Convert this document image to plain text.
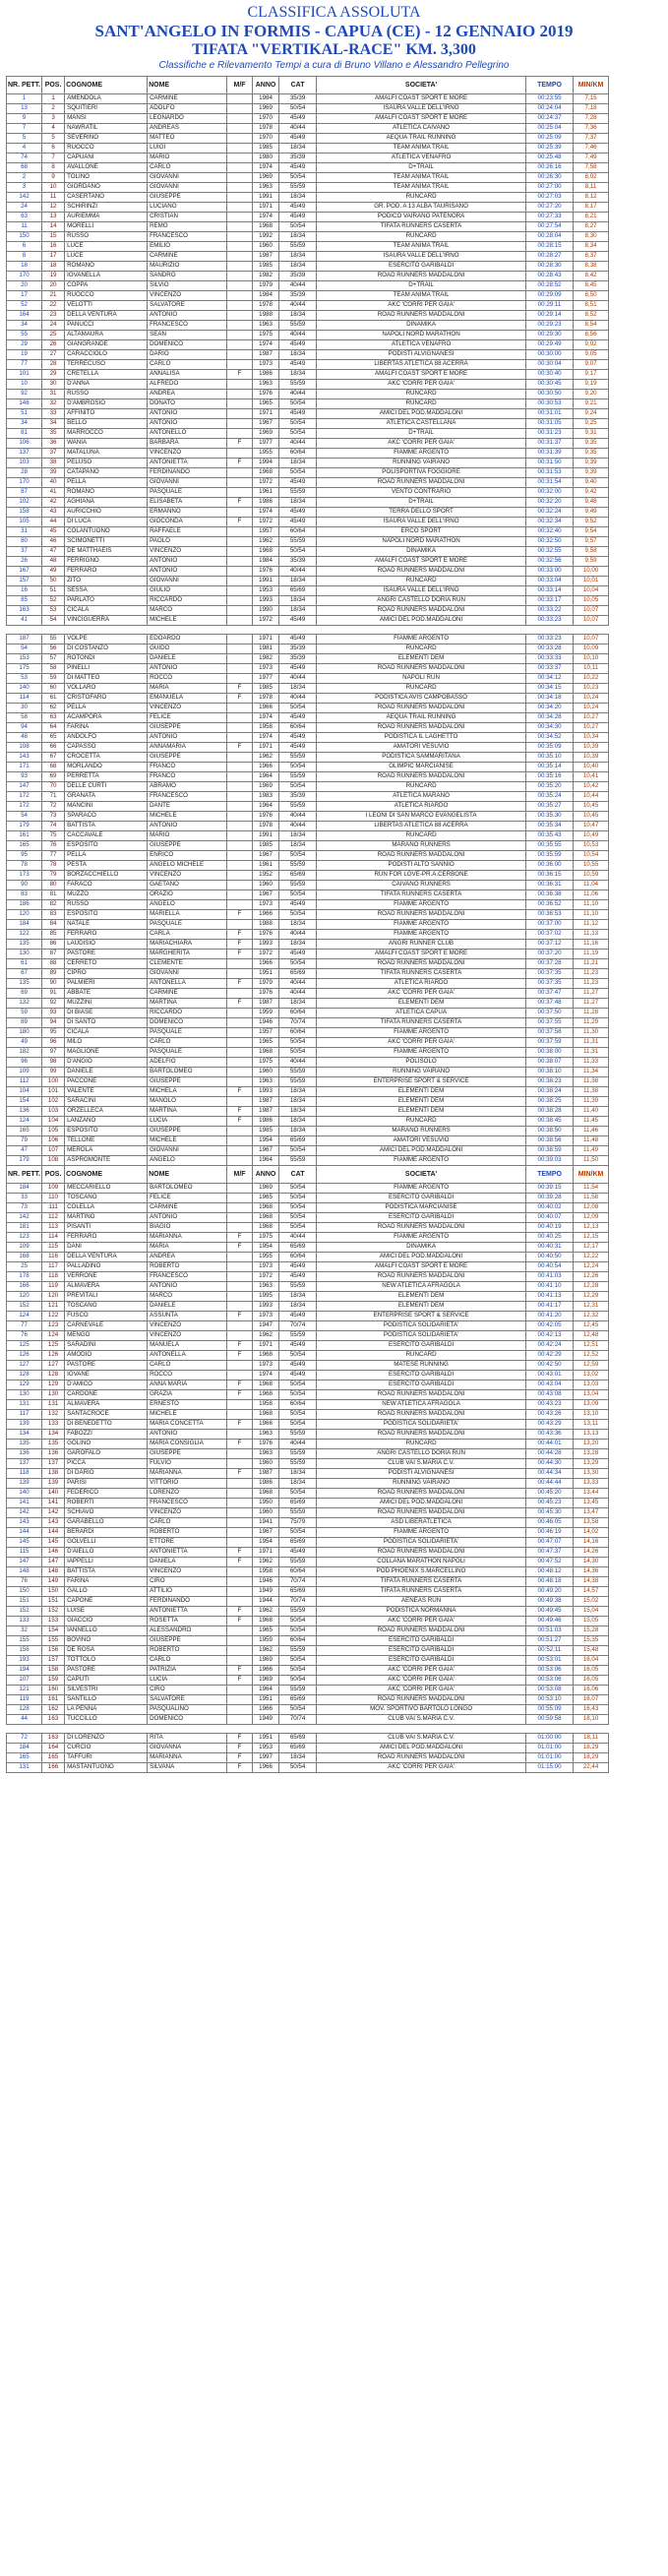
CLASSIFICA ASSOLUTA
SANT'ANGELO IN FORMIS - CAPUA (CE) - 12 GENNAIO 2019
TIFATA "VERTIKAL-RACE" KM. 3,300
Classifiche e Rilevamento Tempi a cura di Bruno Villano e Alessandro Pellegrino
NR. PETT.	POS.	COGNOME	NOME	M/F	ANNO	CAT	SOCIETA'	TEMPO	MIN/KM
1	1	AMENDOLA	CARMINE		1984	35/39	AMALFI COAST SPORT E MORE	00:23:55	7,15
13	2	SQUITIERI	ADOLFO		1969	50/54	ISAURA VALLE DELL'IRNO	00:24:04	7,18
9	3	MANSI	LEONARDO		1970	45/49	AMALFI COAST SPORT E MORE	00:24:37	7,28
7	4	NAWRATIL	ANDREAS		1978	40/44	ATLETICA CAIVANO	00:25:04	7,36
5	5	SEVERINO	MATTEO		1970	45/49	AEQUA TRAIL RUNNING	00:25:09	7,37
4	6	RUOCCO	LUIGI		1985	18/34	TEAM ANIMA TRAIL	00:25:39	7,46
74	7	CAPUANI	MARIO		1980	35/39	ATLETICA VENAFRO	00:25:48	7,49
68	8	AVALLONE	CARLO		1974	45/49	D+TRAIL	00:26:16	7,58
2	9	TOLINO	GIOVANNI		1969	50/54	TEAM ANIMA TRAIL	00:26:30	8,02
3	10	GIORDANO	GIOVANNI		1963	55/59	TEAM ANIMA TRAIL	00:27:00	8,11
142	11	CASERTANO	GIUSEPPE		1991	18/34	RUNCARD	00:27:03	8,12
24	12	SCHIRINZI	LUCIANO		1971	45/49	GR. POD. A 13 ALBA TAURISANO	00:27:20	8,17
63	13	AURIEMMA	CRISTIAN		1974	45/49	PODICO VAIRANO PATENORA	00:27:33	8,21
11	14	MORELLI	REMO		1968	50/54	TIFATA RUNNERS CASERTA	00:27:54	8,27
150	15	RUSSO	FRANCESCO		1992	18/34	RUNCARD	00:28:04	8,30
6	16	LUCE	EMILIO		1960	55/59	TEAM ANIMA TRAIL	00:28:15	8,34
8	17	LUCE	CARMINE		1987	18/34	ISAURA VALLE DELL'IRNO	00:28:27	8,37
18	18	ROMANO	MAURIZIO		1985	18/34	ESERCITO GARIBALDI	00:28:30	8,38
170	19	IOVANELLA	SANDRO		1982	35/39	ROAD RUNNERS MADDALONI	00:28:43	8,42
20	20	COPPA	SILVIO		1979	40/44	D+TRAIL	00:28:52	8,45
17	21	RUOCCO	VINCENZO		1984	35/39	TEAM ANIMA TRAIL	00:29:09	8,50
52	22	VELOTTI	SALVATORE		1978	40/44	AKC 'CORRI PER GAIA'	00:29:11	8,51
164	23	DELLA VENTURA	ANTONIO		1988	18/34	ROAD RUNNERS MADDALONI	00:29:14	8,52
34	24	PANUCCI	FRANCESCO		1963	55/59	DINAMIKA	00:29:23	8,54
55	25	ALTAMAURA	SEAN		1975	40/44	NAPOLI NORD MARATHON	00:29:30	8,56
29	26	GIANGRANDE	DOMENICO		1974	45/49	ATLETICA VENAFRO	00:29:49	9,02
19	27	CARACCIOLO	DARIO		1987	18/34	PODISTI ALVIGNANESI	00:30:00	9,05
77	28	TERRECUSO	CARLO		1973	45/49	LIBERTAS ATLETICA 88 ACERRA	00:30:04	9,07
101	29	CRETELLA	ANNALISA	F	1986	18/34	AMALFI COAST SPORT E MORE	00:30:40	9,17
10	30	D'ANNA	ALFREDO		1963	55/59	AKC 'CORRI PER GAIA'	00:30:45	9,19
92	31	RUSSO	ANDREA		1976	40/44	RUNCARD	00:30:50	9,20
146	32	D'AMBROSIO	DONATO		1965	50/54	RUNCARD	00:30:53	9,21
51	33	AFFINITO	ANTONIO		1971	45/49	AMICI DEL POD.MADDALONI	00:31:01	9,24
34	34	BELLO	ANTONIO		1967	50/54	ATLETICA CASTELLANA	00:31:05	9,25
81	35	MARROCCO	ANTONELLO		1969	50/54	D+TRAIL	00:31:23	9,31
106	36	WANIA	BARBARA	F	1977	40/44	AKC 'CORRI PER GAIA'	00:31:37	9,35
137	37	MATALUNA	VINCENZO		1955	60/64	FIAMME ARGENTO	00:31:39	9,35
103	38	PELUSO	ANTONIETTA	F	1994	18/34	RUNNING VAIRANO	00:31:50	9,39
28	39	CATAPANO	FERDINANDO		1968	50/54	POLISPORTIVA FOGGIORE	00:31:53	9,39
170	40	PELLA	GIOVANNI		1972	45/49	ROAD RUNNERS MADDALONI	00:31:54	9,40
87	41	ROMANO	PASQUALE		1961	55/59	VENTO CONTRARIO	00:32:00	9,42
102	42	AGHIANA	ELISABETA	F	1986	18/34	D+TRAIL	00:32:20	9,48
158	43	AURICCHIO	ERMANNO		1974	45/49	TERRA DELLO SPORT	00:32:24	9,49
105	44	DI LUCA	GIOCONDA	F	1972	45/49	ISAURA VALLE DELL'IRNO	00:32:34	9,52
31	45	COLANTUONO	RAFFAELE		1957	60/64	ERCO SPORT	00:32:40	9,54
80	46	SCIMONETTI	PAOLO		1962	55/59	NAPOLI NORD MARATHON	00:32:50	9,57
37	47	DE MATTHAEIS	VINCENZO		1968	50/54	DINAMIKA	00:32:55	9,58
26	48	FERRIGNO	ANTONIO		1984	35/39	AMALFI COAST SPORT E MORE	00:32:56	9,59
167	49	FERRARO	ANTONIO		1976	40/44	ROAD RUNNERS MADDALONI	00:33:00	10,00
157	50	ZITO	GIOVANNI		1991	18/34	RUNCARD	00:33:04	10,01
16	51	SESSA	GIULIO		1953	65/69	ISAURA VALLE DELL'IRNO	00:33:14	10,04
85	52	PARLATO	RICCARDO		1993	18/34	ANGRI CASTELLO DORIA RUN	00:33:17	10,05
163	53	CICALA	MARCO		1990	18/34	ROAD RUNNERS MADDALONI	00:33:22	10,07
41	54	VINCIGUERRA	MICHELE		1972	45/49	AMICI DEL POD.MADDALONI	00:33:23	10,07

187	55	VOLPE	EDOARDO		1971	45/49	FIAMME ARGENTO	00:33:23	10,07
54	56	DI COSTANZO	GUIDO		1981	35/39	RUNCARD	00:33:28	10,09
153	57	ROTONDI	DANIELE		1982	35/39	ELEMENTI DEM	00:33:33	10,10
175	58	PINELLI	ANTONIO		1973	45/49	ROAD RUNNERS MADDALONI	00:33:37	10,11
53	59	DI MATTEO	ROCCO		1977	40/44	NAPOLI RUN	00:34:12	10,22
140	60	VOLLARO	MARIA	F	1985	18/34	RUNCARD	00:34:15	10,23
114	61	CRISTOFARO	EMANUELA	F	1978	40/44	PODISTICA AVIS CAMPOBASSO	00:34:18	10,24
30	62	PELLA	VINCENZO		1966	50/54	ROAD RUNNERS MADDALONI	00:34:20	10,24
58	63	ACAMPORA	FELICE		1974	45/49	AEQUA TRAIL RUNNING	00:34:28	10,27
94	64	FARINA	GIUSEPPE		1958	60/64	ROAD RUNNERS MADDALONI	00:34:30	10,27
48	65	ANDOLFO	ANTONIO		1974	45/49	PODISTICA IL LAGHETTO	00:34:52	10,34
108	66	CAPASSO	ANNAMARIA	F	1971	45/49	AMATORI VESUVIO	00:35:09	10,39
143	67	CROCETTA	GIUSEPPE		1962	55/59	PODISTICA SAMMARITANA	00:35:10	10,39
171	68	MORLANDO	FRANCO		1966	50/54	OLIMPIC MARCIANISE	00:35:14	10,40
93	69	PERRETTA	FRANCO		1964	55/59	ROAD RUNNERS MADDALONI	00:35:16	10,41
147	70	DELLE CURTI	ABRAMO		1969	50/54	RUNCARD	00:35:20	10,42
172	71	GRANATA	FRANCESCO		1983	35/39	ATLETICA MARANO	00:35:24	10,44
172	72	MANCINI	DANTE		1964	55/59	ATLETICA RIARDO	00:35:27	10,45
54	73	SPARACO	MICHELE		1976	40/44	I LEONI DI SAN MARCO EVANGELISTA	00:35:30	10,45
179	74	BATTISTA	ANTONIO		1978	40/44	LIBERTAS ATLETICA 88 ACERRA	00:35:34	10,47
161	75	CACCAVALE	MARIO		1991	18/34	RUNCARD	00:35:43	10,49
165	76	ESPOSITO	GIUSEPPE		1985	18/34	MARANO RUNNERS	00:35:55	10,53
95	77	PELLA	ENRICO		1967	50/54	ROAD RUNNERS MADDALONI	00:35:59	10,54
78	78	PESTA	ANGELO MICHELE		1961	55/59	PODISTI ALTO SANNIO	00:36:00	10,55
173	79	BORZACCHIELLO	VINCENZO		1952	65/69	RUN FOR LOVE-PR.A.CERBONE	00:36:15	10,59
90	80	FARACO	GAETANO		1960	55/59	CAIVANO RUNNERS	00:36:31	11,04
83	81	MUZZO	ORAZIO		1967	50/54	TIFATA RUNNERS CASERTA	00:36:38	11,06
186	82	RUSSO	ANGELO		1973	45/49	FIAMME ARGENTO	00:36:52	11,10
120	83	ESPOSITO	MARIELLA	F	1966	50/54	ROAD RUNNERS MADDALONI	00:36:53	11,10
184	84	NATALE	PASQUALE		1988	18/34	FIAMME ARGENTO	00:37:00	11,12
122	85	FERRARO	CARLA	F	1976	40/44	FIAMME ARGENTO	00:37:02	11,13
135	86	LAUDISIO	MARIACHIARA	F	1993	18/34	ANGRI RUNNER CLUB	00:37:12	11,16
130	87	PASTORE	MARGHERITA	F	1972	45/49	AMALFI COAST SPORT E MORE	00:37:20	11,19
61	88	CERRETO	CLEMENTE		1966	50/54	ROAD RUNNERS MADDALONI	00:37:28	11,21
67	89	CIPRO	GIOVANNI		1951	65/69	TIFATA RUNNERS CASERTA	00:37:35	11,23
135	90	PALMIERI	ANTONELLA	F	1979	40/44	ATLETICA RIARDO	00:37:35	11,23
69	91	ABBATE	CARMINE		1976	40/44	AKC 'CORRI PER GAIA'	00:37:47	11,27
132	92	MUZZINI	MARTINA	F	1987	18/34	ELEMENTI DEM	00:37:48	11,27
59	93	DI BIASE	RICCARDO		1959	60/64	ATLETICA CAPUA	00:37:50	11,28
89	94	DI SANTO	DOMENICO		1946	70/74	TIFATA RUNNERS CASERTA	00:37:55	11,29
180	95	CICALA	PASQUALE		1957	60/64	FIAMME ARGENTO	00:37:58	11,30
49	96	MILO	CARLO		1965	50/54	AKC 'CORRI PER GAIA'	00:37:59	11,31
182	97	MAGLIONE	PASQUALE		1968	50/54	FIAMME ARGENTO	00:38:00	11,31
96	98	D'ANGIO	ADELFIO		1975	40/44	POLISOLO	00:38:07	11,33
109	99	DANIELE	BARTOLOMEO		1960	55/59	RUNNING VAIRANO	00:38:10	11,34
112	100	PACCONE	GIUSEPPE		1963	55/59	ENTERPRISE SPORT & SERVICE	00:38:23	11,38
104	101	VALENTE	MICHELA	F	1993	18/34	ELEMENTI DEM	00:38:24	11,38
154	102	SARACINI	MANOLO		1987	18/34	ELEMENTI DEM	00:38:25	11,39
136	103	ORZELLECA	MARTINA	F	1987	18/34	ELEMENTI DEM	00:38:28	11,40
124	104	LANZANO	LUCIA	F	1986	18/34	RUNCARD	00:38:45	11,45
165	105	ESPOSITO	GIUSEPPE		1985	18/34	MARANO RUNNERS	00:38:50	11,46
79	106	TELLONE	MICHELE		1954	65/69	AMATORI VESUVIO	00:38:56	11,48
47	107	MEROLA	GIOVANNI		1967	50/54	AMICI DEL POD.MADDALONI	00:38:59	11,49
179	108	ASPROMONTE	ANGELO		1964	55/59	FIAMME ARGENTO	00:39:03	11,50
NR. PETT.	POS.	COGNOME	NOME	M/F	ANNO	CAT	SOCIETA'	TEMPO	MIN/KM
184	109	MECCARIELLO	BARTOLOMEO		1969	50/54	FIAMME ARGENTO	00:39:15	11,54
33	110	TOSCANO	FELICE		1965	50/54	ESERCITO GARIBALDI	00:39:28	11,58
73	111	COLELLA	CARMINE		1968	50/54	PODISTICA MARCIANISE	00:40:02	12,08
142	112	MARTINO	ANTONIO		1968	50/54	ESERCITO GARIBALDI	00:40:07	12,09
181	113	PISANTI	BIAGIO		1968	50/54	ROAD RUNNERS MADDALONI	00:40:19	12,13
123	114	FERRARO	MARIANNA	F	1975	40/44	FIAMME ARGENTO	00:40:25	12,15
109	115	DANI	MARIA	F	1954	65/69	DINAMIKA	00:40:31	12,17
168	116	DELLA VENTURA	ANDREA		1955	60/64	AMICI DEL POD.MADDALONI	00:40:50	12,22
25	117	PALLADINO	ROBERTO		1973	45/49	AMALFI COAST SPORT E MORE	00:40:54	12,24
178	118	VERRONE	FRANCESCO		1972	45/49	ROAD RUNNERS MADDALONI	00:41:03	12,26
166	119	ALMAVERA	ANTONIO		1963	55/59	NEW ATLETICA AFRAGOLA	00:41:10	12,28
120	120	PREVITALI	MARCO		1995	18/34	ELEMENTI DEM	00:41:13	12,29
152	121	TOSCANO	DANIELE		1993	18/34	ELEMENTI DEM	00:41:17	12,31
124	122	FUSCO	ASSUNTA	F	1973	45/49	ENTERPRISE SPORT & SERVICE	00:41:20	12,32
77	123	CARNEVALE	VINCENZO		1947	70/74	PODISTICA SOLIDARIETA'	00:42:05	12,45
76	124	MENGO	VINCENZO		1962	55/59	PODISTICA SOLIDARIETA'	00:42:13	12,48
125	125	SARADINI	MANUELA	F	1971	45/49	ESERCITO GARIBALDI	00:42:24	12,51
126	126	AMODIO	ANTONELLA	F	1968	50/54	RUNCARD	00:42:29	12,52
127	127	PASTORE	CARLO		1973	45/49	MATESE RUNNING	00:42:50	12,59
128	128	IOVANE	ROCCO		1974	45/49	ESERCITO GARIBALDI	00:43:01	13,02
129	129	D'AMICO	ANNA MARIA	F	1968	50/54	ESERCITO GARIBALDI	00:43:04	13,03
130	130	CARDONE	GRAZIA	F	1968	50/54	ROAD RUNNERS MADDALONI	00:43:08	13,04
131	131	ALMAVERA	ERNESTO		1958	60/64	NEW ATLETICA AFRAGOLA	00:43:23	13,09
117	132	SANTACROCE	MICHELE		1968	50/54	ROAD RUNNERS MADDALONI	00:43:26	13,10
139	133	DI BENEDETTO	MARIA CONCETTA	F	1966	50/54	PODISTICA SOLIDARIETA'	00:43:29	13,11
134	134	FABOZZI	ANTONIO		1963	55/59	ROAD RUNNERS MADDALONI	00:43:36	13,13
135	135	GOLINO	MARIA CONSIGLIA	F	1976	40/44	RUNCARD	00:44:01	13,20
136	136	GAROFALO	GIUSEPPE		1963	55/59	ANGRI CASTELLO DORIA RUN	00:44:28	13,28
137	137	PICCA	FULVIO		1960	55/59	CLUB VAI S.MARIA C.V.	00:44:30	13,29
118	138	DI DARIO	MARIANNA	F	1987	18/34	PODISTI ALVIGNANESI	00:44:34	13,30
139	139	PARISI	VITTORIO		1986	18/34	RUNNING VAIRANO	00:44:44	13,33
140	140	FEDERICO	LORENZO		1968	50/54	ROAD RUNNERS MADDALONI	00:45:20	13,44
141	141	ROBERTI	FRANCESCO		1950	65/69	AMICI DEL POD.MADDALONI	00:45:23	13,45
142	142	SCHIAVO	VINCENZO		1960	55/59	ROAD RUNNERS MADDALONI	00:45:30	13,47
143	143	GARABELLO	CARLO		1941	75/79	ASD LIBERATLETICA	00:46:05	13,58
144	144	BERARDI	ROBERTO		1967	50/54	FIAMME ARGENTO	00:46:19	14,02
145	145	GOLVELLI	ETTORE		1954	65/69	PODISTICA SOLIDARIETA'	00:47:07	14,16
115	146	D'AIELLO	ANTONIETTA	F	1971	45/49	ROAD RUNNERS MADDALONI	00:47:37	14,26
147	147	IAPPELLI	DANIELA	F	1962	55/59	COLLANA MARATHON NAPOLI	00:47:52	14,30
148	148	BATTISTA	VINCENZO		1958	60/64	POD.PHOENIX S.MARCELLINO	00:48:12	14,36
76	149	FARINA	CIRO		1946	70/74	TIFATA RUNNERS CASERTA	00:48:18	14,38
150	150	GALLO	ATTILIO		1949	65/69	TIFATA RUNNERS CASERTA	00:49:20	14,57
151	151	CAPONE	FERDINANDO		1944	70/74	AENEAS RUN	00:49:38	15,02
152	152	LUISE	ANTONIETTA	F	1962	55/59	PODISTICA NORMANNA	00:49:45	15,04
133	153	GIACCIO	ROSETTA	F	1968	50/54	AKC 'CORRI PER GAIA'	00:49:46	15,05
32	154	IANNELLO	ALESSANDRO		1965	50/54	ROAD RUNNERS MADDALONI	00:51:03	15,28
155	155	BOVINO	GIUSEPPE		1959	60/64	ESERCITO GARIBALDI	00:51:27	15,35
156	156	DE ROSA	ROBERTO		1962	55/59	ESERCITO GARIBALDI	00:52:11	15,48
193	157	TOTTOLO	CARLO		1969	50/54	ESERCITO GARIBALDI	00:53:01	16,04
194	158	PASTORE	PATRIZIA	F	1966	50/54	AKC 'CORRI PER GAIA'	00:53:06	16,05
107	159	CAPUTI	LUCIA	F	1969	50/54	AKC 'CORRI PER GAIA'	00:53:06	16,05
121	160	SILVESTRI	CIRO		1964	55/59	AKC 'CORRI PER GAIA'	00:53:08	16,06
119	161	SANTILLO	SALVATORE		1951	65/69	ROAD RUNNERS MADDALONI	00:53:10	16,07
128	162	LA PENNA	PASQUALINO		1966	50/54	MOV. SPORTIVO BARTOLO LONGO	00:55:09	16,43
44	163	TUCCILLO	DOMENICO		1949	70/74	CLUB VAI S.MARIA C.V.	00:59:58	18,10

72	163	DI LORENZO	RITA	F	1951	65/69	CLUB VAI S.MARIA C.V.	01:00:00	18,11
184	164	CURCIO	GIOVANNA	F	1953	65/69	AMICI DEL POD.MADDALONI	01:01:00	18,29
165	165	TAFFURI	MARIANNA	F	1997	18/34	ROAD RUNNERS MADDALONI	01:01:00	18,29
131	166	MASTANTUONO	SILVANA	F	1966	50/54	AKC 'CORRI PER GAIA'	01:15:00	22,44
